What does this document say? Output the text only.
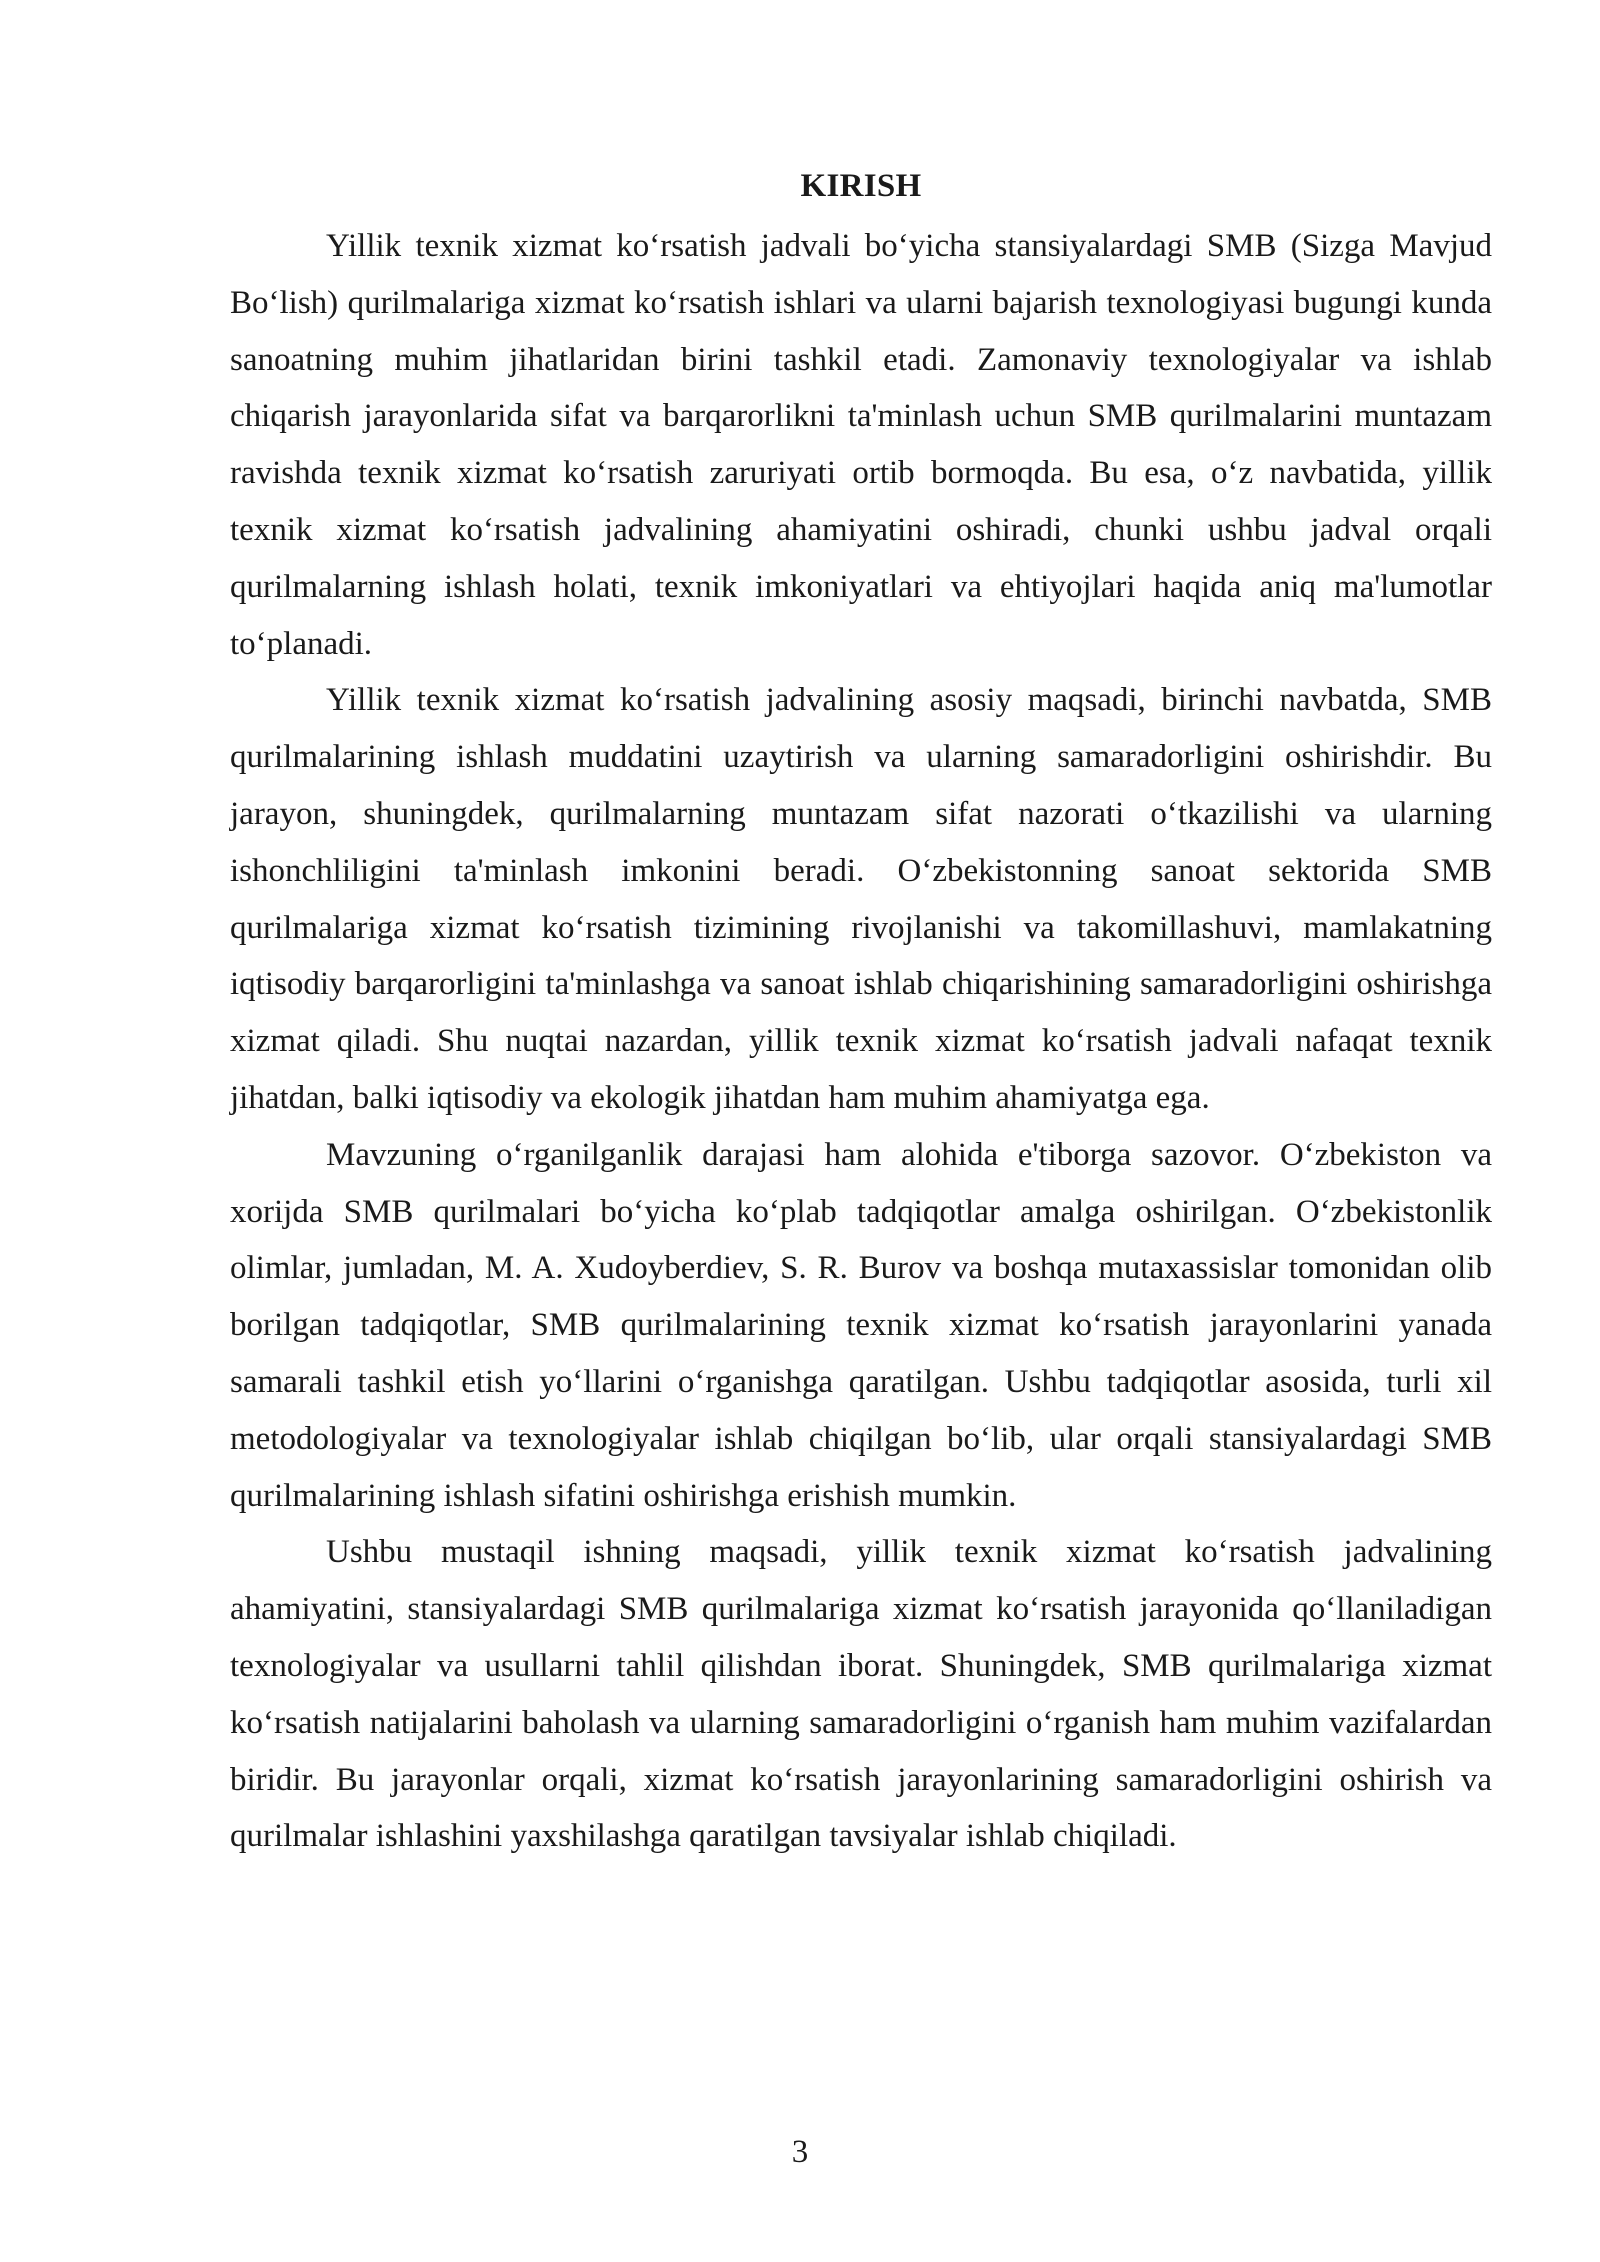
KIRISH

Yillik texnik xizmat ko‘rsatish jadvali bo‘yicha stansiyalardagi SMB (Sizga Mavjud Bo‘lish) qurilmalariga xizmat ko‘rsatish ishlari va ularni bajarish texnologiyasi bugungi kunda sanoatning muhim jihatlaridan birini tashkil etadi. Zamonaviy texnologiyalar va ishlab chiqarish jarayonlarida sifat va barqarorlikni ta'minlash uchun SMB qurilmalarini muntazam ravishda texnik xizmat ko‘rsatish zaruriyati ortib bormoqda. Bu esa, o‘z navbatida, yillik texnik xizmat ko‘rsatish jadvalining ahamiyatini oshiradi, chunki ushbu jadval orqali qurilmalarning ishlash holati, texnik imkoniyatlari va ehtiyojlari haqida aniq ma'lumotlar to‘planadi.

Yillik texnik xizmat ko‘rsatish jadvalining asosiy maqsadi, birinchi navbatda, SMB qurilmalarining ishlash muddatini uzaytirish va ularning samaradorligini oshirishdir. Bu jarayon, shuningdek, qurilmalarning muntazam sifat nazorati o‘tkazilishi va ularning ishonchliligini ta'minlash imkonini beradi. O‘zbekistonning sanoat sektorida SMB qurilmalariga xizmat ko‘rsatish tizimining rivojlanishi va takomillashuvi, mamlakatning iqtisodiy barqarorligini ta'minlashga va sanoat ishlab chiqarishining samaradorligini oshirishga xizmat qiladi. Shu nuqtai nazardan, yillik texnik xizmat ko‘rsatish jadvali nafaqat texnik jihatdan, balki iqtisodiy va ekologik jihatdan ham muhim ahamiyatga ega.

Mavzuning o‘rganilganlik darajasi ham alohida e'tiborga sazovor. O‘zbekiston va xorijda SMB qurilmalari bo‘yicha ko‘plab tadqiqotlar amalga oshirilgan. O‘zbekistonlik olimlar, jumladan, M. A. Xudoyberdiev, S. R. Burov va boshqa mutaxassislar tomonidan olib borilgan tadqiqotlar, SMB qurilmalarining texnik xizmat ko‘rsatish jarayonlarini yanada samarali tashkil etish yo‘llarini o‘rganishga qaratilgan. Ushbu tadqiqotlar asosida, turli xil metodologiyalar va texnologiyalar ishlab chiqilgan bo‘lib, ular orqali stansiyalardagi SMB qurilmalarining ishlash sifatini oshirishga erishish mumkin.

Ushbu mustaqil ishning maqsadi, yillik texnik xizmat ko‘rsatish jadvalining ahamiyatini, stansiyalardagi SMB qurilmalariga xizmat ko‘rsatish jarayonida qo‘llaniladigan texnologiyalar va usullarni tahlil qilishdan iborat. Shuningdek, SMB qurilmalariga xizmat ko‘rsatish natijalarini baholash va ularning samaradorligini o‘rganish ham muhim vazifalardan biridir. Bu jarayonlar orqali, xizmat ko‘rsatish jarayonlarining samaradorligini oshirish va qurilmalar ishlashini yaxshilashga qaratilgan tavsiyalar ishlab chiqiladi.

3
